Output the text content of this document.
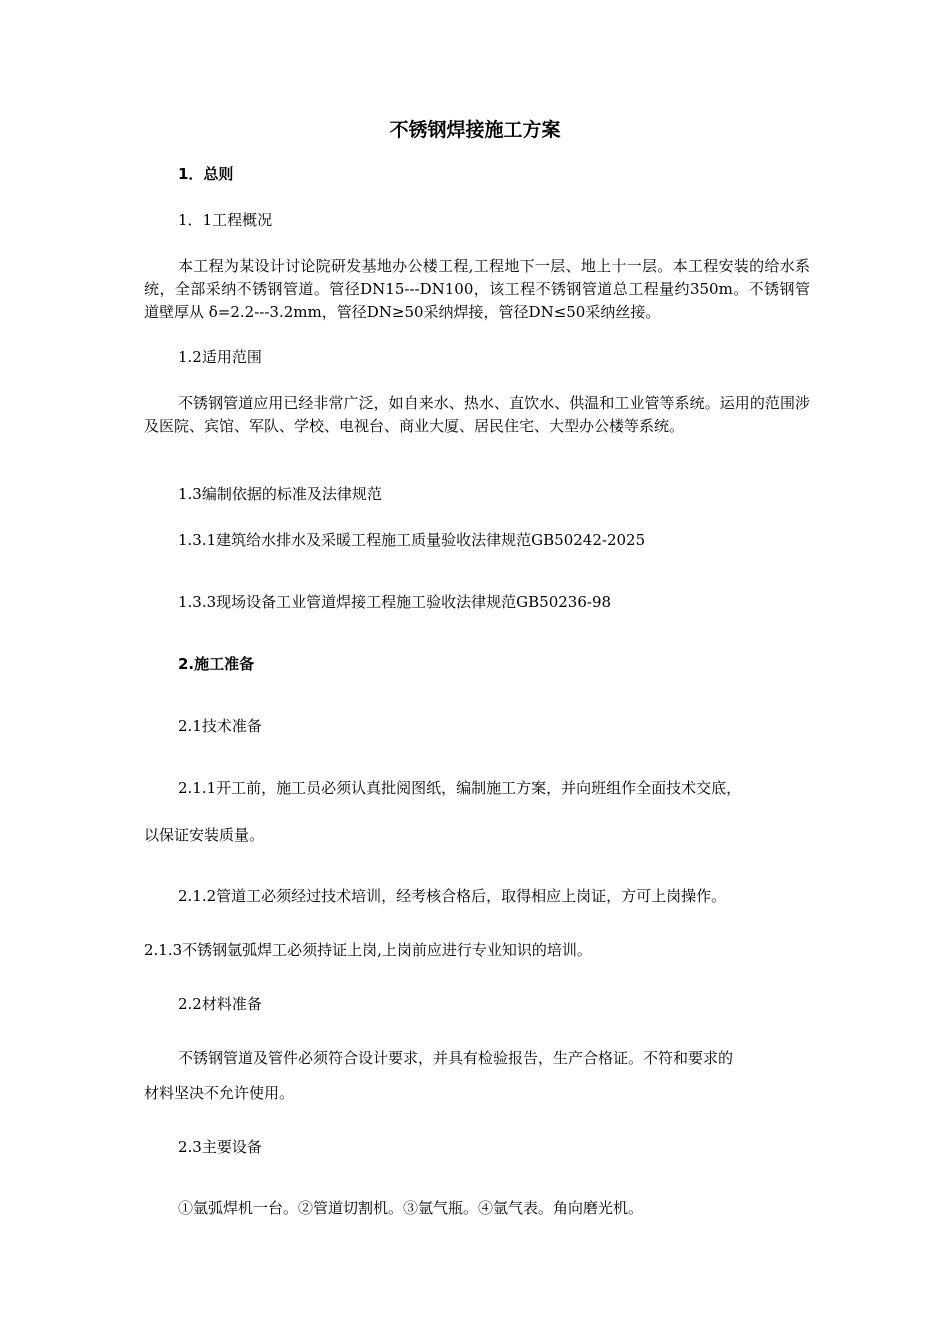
不锈钢焊接施工方案
1．总则
1．1工程概况
本工程为某设计讨论院研发基地办公楼工程,工程地下一层、地上十一层。本工程安装的给水系统，全部采纳不锈钢管道。管径DN15---DN100，该工程不锈钢管道总工程量约350m。不锈钢管道壁厚从 δ=2.2---3.2mm，管径DN≥50采纳焊接，管径DN≤50采纳丝接。
1.2适用范围
不锈钢管道应用已经非常广泛，如自来水、热水、直饮水、供温和工业管等系统。运用的范围涉及医院、宾馆、军队、学校、电视台、商业大厦、居民住宅、大型办公楼等系统。
1.3编制依据的标准及法律规范
1.3.1建筑给水排水及采暖工程施工质量验收法律规范GB50242-2025
1.3.3现场设备工业管道焊接工程施工验收法律规范GB50236-98
2.施工准备
2.1技术准备
2.1.1开工前，施工员必须认真批阅图纸，编制施工方案，并向班组作全面技术交底，
以保证安装质量。
2.1.2管道工必须经过技术培训，经考核合格后，取得相应上岗证，方可上岗操作。
2.1.3不锈钢氩弧焊工必须持证上岗,上岗前应进行专业知识的培训。
2.2材料准备
不锈钢管道及管件必须符合设计要求，并具有检验报告，生产合格证。不符和要求的
材料坚决不允许使用。
2.3主要设备
①氩弧焊机一台。②管道切割机。③氩气瓶。④氩气表。角向磨光机。
